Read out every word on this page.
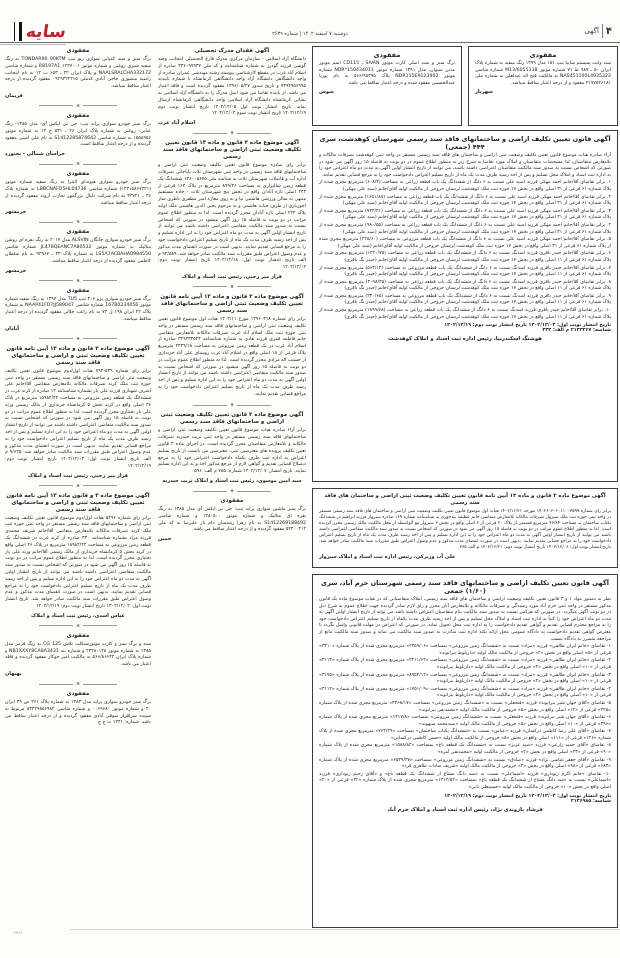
۴
آگهی
دوشنبه ۷ اسفند ۱۴۰۲ | شماره ۲۶۳۹
سایه
مفقودی
برگ سبز و سند کمپانی سواری رنو تیپ TONDAR90 90KTM به رنگ سفید شیری روغنی و شماره موتور ۱۲۴۷۰۰۱ R8197A1 و شماره شاسی NAALSRALCHA332172 و پلاک ایران ۴۲ ـ ۶۵۳ ب ۱۲ به نام اینجانب راضیه منصوری حاجی آبادی کدملی ۰۹۴۹۳۲۲۴۱۵ مفقود گردیده از درجه اعتبار ساقط میباشد.
فریمان
✽
مفقودی
برگ سبز خودرو سواری پراید تیپ: جی تی ایکس آی- مدل ۱۳۸۵- رنگ عنابی- روغنی به شماره پلاک ایران ۲۶ ـ ۵۳۱ ج ۱۴ به شماره موتور ۱۵۵۸۹۵۶ به شماره شاسی S1412285874642 به نام علی امینی مفقود گردیده و از درجه اعتبار ساقط است.
خراسان شمالی - بجنورد
✽
مفقودی
برگ سبز خودرو سواری هیوندای النترا به رنگ سفید شماره موتور (۱۴۴۱۵۸۶۷۲۲۱) شماره شاسی LBBCNAFD5HL04736 به شماره پلاک ۲۶ ـ ۳۳۷۲۱ به نام شرکت دلیال بزرگمهر تجارت آروند مفقود گردیده از درجه اعتبار ساقط میباشد.
خرمشهر
✽
مفقودی
برگ سبز خودرو سواری چانگان ALSVIN مدل ۲۰۱۷ به رنگ نقره ای روشن متالیک به شماره موتور JL478QEANC7A80532 شماره شاسی LS5A7ACBAHA0984550 به شماره پلاک ۳۳ ـ ۹۴۹۶۷ به نام سلطان کاظمی مفقود گردیده از درجه اعتبار ساقط میباشد.
خرمشهر
✽
مفقودی
برگ سبز خودرو سواری پژو ۲۰۶ تیپ TU5 مدل ۱۳۹۷ به رنگ سفید شماره موتور 167B0234056 شماره شاسی NAAP41FD7JJ589047 به شماره پلاک ۲۴ ایران ۱۹۸ ل ۷۴ به نام راغب جلالی مفقود گردیده از درجه اعتبار ساقط میباشد.
آبادان
✽
آگهی موضوع ماده ۳ قانون و ماده ۱۳ آیین نامه قانون تعیین تکلیف وضعیت ثبتی و اراضی و ساختمانهای فاقد سند رسمی
برابر رای شماره ۵۳۹-۷۹۴ هیات اول/دوم موضوع قانون تعیین تکلیف وضعیت ثبتی اراضی و ساختمانهای فاقد سند رسمی مستقر در واحد ثبتی حوزه ثبت ملک کرند تصرفات مالکانه بلامعارض متقاضی آقا/خانم علی اشرف شهبازی فرزند علی یار بشماره شناسنامه ۱۴ صادره از کرند غرب در ششدانگ یک قطعه زمین مزروعی به مساحت ۱۵۹۸۲/۴۴ مترمربع در پلاک ۴۶ اصلی واقع در کرند بخش ۵ کرمانشاه خریداری از مالک رسمی ورثه علی یار بختیاری محرز گردیده است. لذا به منظور اطلاع عموم مراتب در دو نوبت به فاصله ۱۵ روز آگهی می شود در صورتی که اشخاص نسبت به صدور سند مالکیت متقاضی اعتراضی داشته باشند می توانند از تاریخ انتشار اولین آگهی به مدت دو ماه اعتراض خود را به این اداره تسلیم و پس از اخذ رسید ظرف مدت یک ماه از تاریخ تسلیم اعتراض دادخواست خود را به مراجع قضایی تقدیم نمایند. بدیهی است در صورت انقضای مدت مذکور و عدم وصول اعتراض طبق مقررات سند مالکیت صادر خواهد شد. ۹/۶۴۵ م الف تاریخ انتشار نوبت اول: ۱۴۰۲/۱۲/۰۴ تاریخ انتشار نوبت دوم: ۱۴۰۲/۱۲/۱۹
فراز میر رجبی، رئیس ثبت اسناد و املاک
✽
آگهی موضوع ماده ۳ و قانون ماده ۱۳ آیین نامه قانون تعیین تکلیف وضعیت ثبتی و اراضی و ساختمانهای فاقد سند رسمی
برابر رای شماره ۵۴۹۶ هیات اول/دوم موضوع قانون تعیین تکلیف وضعیت ثبتی اراضی و ساختمانهای فاقد سند رسمی مستقر در واحد ثبتی حوزه ثبت ملک کرند تصرفات مالکانه بلامعارض متقاضی آقا/خانم شریف محمدی فرزند مراد بشماره شناسنامه ۳۳۰ صادره از کرند غرب در ششدانگ یک قطعه زمین مزروعی به مساحت ۱۸۹۸۲/۴۴ مترمربع در پلاک ۴۶ اصلی واقع در کرند بخش ۵ کرمانشاه خریداری از مالک رسمی آقا/خانم ورثه علی یار بختیاری محرز گردیده است. لذا به منظور اطلاع عموم مراتب در دو نوبت به فاصله ۱۵ روز آگهی می شود در صورتی که اشخاص نسبت به صدور سند مالکیت متقاضی اعتراضی داشته باشند می توانند از تاریخ انتشار اولین آگهی به مدت دو ماه اعتراض خود را به این اداره تسلیم و پس از اخذ رسید ظرف مدت یک ماه از تاریخ تسلیم اعتراض دادخواست خود را به مراجع قضایی تقدیم نمایند. بدیهی است در صورت انقضای مدت مذکور و عدم وصول اعتراض طبق مقررات سند مالکیت صادر خواهد شد. تاریخ انتشار نوبت اول: ۱۴۰۲/۱۲/۰۴ تاریخ انتشار نوبت دوم: ۱۴۰۲/۱۲/۱۹
عباس اسدی، رئیس ثبت اسناد و املاک
✽
مفقودی
سند و برگ سبز و کارت موتورسیکلت تلاش CG 125 به رنگ قرمز مدل ۱۳۸۵ به شماره موتور ۲۳۴۸۰۱۴۸ و شماره تنه NB1XXXY8CA8A3431 و شماره پلاک ایران ۵۶۶/۸۶۶۴۴ به مالکیت امیر جوکار مفقود گردیده و فاقد اعتبار می باشد.
بهبهان
✽
مفقودی
برگ سبز خودرو سواری پراید مدل ۱۳۸۳ به شماره پلاک ۲۶۱ ص ۴۹ ایران ۴۰ و شماره موتور ۰۰۶۹۶۸۰ و شماره شاسی ۸۳۴۲۹۸۵۶۹۸۲ مربوط به سپیده سرافراز صوفی آبادی مفقود گردیده و از درجه اعتبار ساقط می باشد. شماره: ۱۴۴۱ ت ج ج
آگهی فقدان مدرک تحصیلی
دانشگاه آزاد اسلامی - سازمان مرکزی مدرک فارغ التحصیلی اینجانب وحید گوسی فرزند گودرز به شماره شناسنامه و کد ملی ۳۳۶۰۹۷۹۳۷ صادره از اسلام آباد غرب در مقطع کارشناسی پیوسته رشته مهندسی عمران صادره از واحد دانشگاهی دانشگاه آزاد واحد دانشگاهی کرمانشاه با شماره تاییدیه ۷۳۹۲۹۵۶۹۹۵ و تاریخ صدور ۱۳۹۶/۰۵/۲۷ مفقود گردیده است و فاقد اعتبار می باشد. از یابنده تقاضا می شود اصل مدرک را به دانشگاه آزاد اسلامی به نشانی کرمانشاه دانشگاه آزاد اسلامی واحد دانشگاهی کرمانشاه ارسال نماید. تاریخ انتشار نوبت اول ۱۴۰۲/۱۲/۰۵ تاریخ انتشار نوبت دوم ۱۴۰۲/۱۲/۱۹ تاریخ انتشار نوبت سوم ۱۴۰۲/۱۲/۰۴
اسلام آباد غرب
✽
آگهی موضوع ماده ۳ قانون و ماده ۱۳ قانون تعیین تکلیف وضعیت ثبتی اراضی و ساختمانهای فاقد سند رسمی
برابر رای صادره موضوع قانون تعیین تکلیف وضعیت ثبتی اراضی و ساختمانهای فاقد سند رسمی در واحد ثبتی شهرستان ثلاث باباجانی تصرفات اداره آب و فاضلاب شهرستان ثلاث به شناسه ملی ۱۴۶۰۰۵۶۷۵ ششدانگ یک قطعه زمین شالیزاری به مساحت ۸۹۹/۲۶ مترمربع در پلاک ۱۶۴ فرعی از ۲۴۲ اصلی تازه آبادان واقع در بخش پنج شهرستان ثلاث - جاده مستقیم منتهی به سالن ورزشی هاشمی نیا و به روی مغازه امیر مظفری باطری ساز اجورباری از طرف حیات هاشمی و به مرحوم یحیی الدین هاشمی ملک اولیه پلاک ۲۴۲ اصلی تازه آبادان محرز گردیده است. لذا به منظور اطلاع عموم مراتب در دو نوبت به فاصله ۱۵ روز آگهی میشود در صورتی که اشخاص نسبت به صدور سند مالکیت متقاضی اعتراضی داشته باشند می توانند از تاریخ انتشار اولین آگهی به مدت دو ماه اعتراض خود را به این اداره تسلیم و پس از اخذ رسید ظرف مدت یک ماه از تاریخ تسلیم اعتراض دادخواست خود را به مرجع قضایی تقدیم نمایند. بدیهی است در صورت انقضای مدت مذکور و عدم وصول اعتراض طبق مقررات سند مالکیت صادر خواهد شد. ۹۲/۵۸۹ م الف تاریخ انتشار نوبت اول: ۱۴۰۲/۱۲/۱۸ تاریخ انتشار نوبت دوم: ۱۴۰۲/۱۲/۰۴
فراز میر رجبی، رئیس ثبت اسناد و املاک
✽
آگهی موضوع ماده ۳ قانون و ماده ۱۳ آیین نامه قانون تعیین تکلیف وضعیت ثبتی اراضی و ساختمانهای فاقد سند رسمی
برابر رای شماره ۱۳۹۶۰۳۱۸ مورخ ۱۴۰۲/۱۱ هیات اول موضوع قانون تعیین تکلیف وضعیت ثبتی اراضی و ساختمانهای فاقد سند رسمی مستقر در واحد ثبتی حوزه ثبت ملک اسلام آباد غرب تصرفات مالکانه بلامعارض متقاضی خانم فاطمه قمری فرزند هادی به شماره شناسنامه ۳۲۹۴۳۳۵۲۳ صادره از اسلام آباد غرب در یک قطعه زمین مزروعی به مساحت ۲۲۳۹/۱۸ مترمربع پلاک فرعی از ۱۸ اصلی واقع در اسلام آباد غرب روستای علی آباد خریداری از حسیب اله مرادی محرز گردیده است. لذا به منظور اطلاع عموم مراتب در دو نوبت به فاصله ۱۵ روز آگهی میشود در صورتی که اشخاص نسبت به صدور سند مالکیت متقاضی اعتراضی داشته باشند می توانند از تاریخ انتشار اولین آگهی به مدت دو ماه اعتراض خود را به این اداره تسلیم و پس از اخذ رسید ظرف مدت یک ماه از تاریخ تسلیم اعتراض دادخواست خود را به مراجع قضایی تقدیم نمایند.
✽
آگهی موضوع ماده ۳ قانون تعیین تکلیف وضعیت ثبتی اراضی و ساختمانهای فاقد سند رسمی
برابر آراء صادره هیات موضوع قانون تعیین تکلیف وضعیت ثبتی اراضی و ساختمانهای فاقد سند رسمی مستقر در واحد ثبتی تربت حیدریه تصرفات مالکانه و بلامعارض متقاضیان محرز گردیده است. در اجرای ماده ۳ قانون تعیین تکلیف پرونده های معترضین ثبتی، معترضین می بایست از تاریخ تسلیم اعتراض به اداره ثبت ظرف یکماه دادخواست اعتراض خود را به مرجع ذیصلاح قضایی تقدیم و گواهی لازم از مرجع مذکور اخذ و به این اداره تسلیم نمایند. تاریخ انتشار: ۱۴۰۲/۱۲/۰۷ شماره: ۷۸۵ م الف: ۵۹۶
سید امین موسوی، رئیس ثبت اسناد و املاک تربت حیدریه
✽
مفقودی
برگ سبز ماشین سواری پراید تیپ: جی تی ایکس آی مدل ۱۳۸۵ به رنگ نقره ای متالیک و شماره موتور ۱۴۸۰۵۰۰ و شماره شاسی S1412269188492 به نام زهرا رستمیان دام یار علیرضا به کد ملی ۵۲۲۰۰۴۱۴ مفقود گردیده و از درجه اعتبار ساقط می باشد.
خمین
مفقودی
سند وانت سیستم سایپا تیپ ۱۵۱ مدل ۱۳۹۹ رنگ سفید به شماره پلاک ایران ۵۰ ـ ۹۸۷ ط ۷۱ شماره موتور M13/6055118 شماره شاسی NAS451100L4935322 به مالکیت فتح اله عبدلعلی به شماره ملی ۴۱۷۷۵۴۶۱۸۱ مفقود و از درجه اعتبار ساقط میباشد.
شهریار
مفقودی
برگ سبز و سند اصلی کارت موتور SIVAN ـ CD115 اسم موتور مدین سیوان، مدل ۱۳۹۱ شماره موتور NDR*150434011 شماره موتور NDR115E9123902 پلاک ۵۶۶/۹۸۳۹۵ به نام پوریا عبدالحسینی مفقود شده و درجه اعتبار ساقط می باشد.
شوش
آگهی قانون تعیین تکلیف اراضی و ساختمانهای فاقد سند رسمی شهرستان کوهدشت، سری ۴۴۴ (جمعی)
آراء صادره هیات موضوع قانون تعیین تکلیف وضعیت ثبتی اراضی و ساختمان های فاقد سند رسمی مستقر در واحد ثبتی کوهدشت تصرفات مالکانه و بلامعارض متقاضیان، لذا مشخصات متقاضیان و املاک مورد تقاضا به شرح زیر به منظور اطلاع عموم در دو نوبت به فاصله ۱۵ روز آگهی می شود در صورتی که اشخاص نسبت به صدور سند مالکیت متقاضیان اعتراضی داشته باشند، می توانند از تاریخ انتشار اولین آگهی به مدت دو ماه اعتراض خود را به اداره ثبت اسناد و املاک محل تسلیم و پس از اخذ رسید ظرف مدت یک ماه از تاریخ تسلیم اعتراض دادخواست خود را به مرجع قضایی تقدیم نمایند.
۱. برابر تقاضای آقا/خانم احمد مهکی فرزند اصید علی نسبت به ۶ دانگ از ششدانگ یک باب قطعه زراعی به مساحت (۶۰۸/۴) مترمربع مجزی شده از پلاک شماره ۶۱ فرعی از ۳۱ اصلی واقع در بخش ۱۷ حوزه ثبت ملک کوهدشت لرستان خروجی از مالکیت اولیه آقای/خانم (صید علی مهکی)
۲. برابر تقاضای آقا/خانم احمد مهکی فرزند اصید علی نسبت به ۶ دانگ از ششدانگ یک باب قطعه زراعی به مساحت (۱۶۵۱/۸۸) مترمربع مجزی شده از پلاک شماره ۶۱ فرعی از ۳۱ اصلی واقع در بخش ۱۷ حوزه ثبت ملک کوهدشت لرستان خروجی از مالکیت اولیه آقای/خانم (صید علی مهکی)
۳. برابر تقاضای آقا/خانم احمد مهکی فرزند اصید علی نسبت به ۶ دانگ از ششدانگ یک باب قطعه زراعی به مساحت (۷۴۳/۲۱) مترمربع مجزی شده از پلاک شماره ۶۱ فرعی از ۳۱ اصلی واقع در بخش ۱۷ حوزه ثبت ملک کوهدشت لرستان خروجی از مالکیت اولیه آقای/خانم (صید علی مهکی)
۴. برابر تقاضای آقا/خانم احمد مهکی فرزند اصید علی نسبت به ۶ دانگ از ششدانگ یک باب قطعه زراعی به مساحت (۹۸۰/۵۵) مترمربع مجزی شده از پلاک شماره ۶۱ فرعی از ۳۱ اصلی واقع در بخش ۱۷ حوزه ثبت ملک کوهدشت لرستان خروجی از مالکیت اولیه آقای/خانم (صید علی مهکی)
۵. برابر تقاضای آقا/خانم احمد مهکی فرزند اصید علی نسبت به ۶ دانگ از ششدانگ یک باب قطعه مزروعی به مساحت (۲۲۵/۶۰) مترمربع مجزی شده از پلاک شماره ۶۱ فرعی از ۳۱ اصلی واقع در بخش ۱۷ حوزه ثبت ملک کوهدشت لرستان خروجی از مالکیت اولیه آقای/خانم (صید علی مهکی)
۶. برابر تقاضای آقا/خانم حیدر باقری فرزند اسدبگ نسبت به ۶ دانگ از ششدانگ یک باب قطعه زراعی به مساحت (۱۲۴۰/۷۵) مترمربع مجزی شده از پلاک شماره ۶۱ فرعی از ۱۱ اصلی واقع در بخش ۱۷ حوزه ثبت ملک کوهدشت لرستان خروجی از مالکیت اولیه آقای/خانم (حیدر بگ باقری)
۷. برابر تقاضای آقا/خانم حیدر باقری فرزند اسدبگ نسبت به ۶ دانگ از ششدانگ یک باب قطعه مزروعی به مساحت (۵۶۳/۱۲) مترمربع مجزی شده از پلاک شماره ۶۱ فرعی از ۱۱ اصلی واقع در بخش ۱۷ حوزه ثبت ملک کوهدشت لرستان خروجی از مالکیت اولیه آقای/خانم (حیدر بگ باقری)
۸. برابر تقاضای آقا/خانم حیدر باقری فرزند اسدبگ نسبت به ۶ دانگ از ششدانگ یک باب قطعه زراعی به مساحت (۳۰۹۸/۴۵) مترمربع مجزی شده از پلاک شماره ۶۱ فرعی از ۱۱ اصلی واقع در بخش ۱۷ حوزه ثبت ملک کوهدشت لرستان خروجی از مالکیت اولیه آقای/خانم (حیدر بگ باقری)
۹. برابر تقاضای آقا/خانم حیدر باقری فرزند اسدبگ نسبت به ۶ دانگ از ششدانگ یک باب قطعه مزروعی به مساحت (۳۳۰/۶۵) مترمربع مجزی شده از پلاک شماره ۶۱ فرعی از ۱۱ اصلی واقع در بخش ۱۷ حوزه ثبت ملک کوهدشت لرستان خروجی از مالکیت اولیه آقای/خانم (حیدر بگ باقری)
۱۰. برابر تقاضای آقا/خانم حیدر باقری فرزند اسدبگ نسبت به ۶ دانگ از ششدانگ یک باب قطعه زراعی به مساحت (۱۸۹۹/۶۸) مترمربع مجزی شده از پلاک شماره ۶۱ فرعی از ۱۱ اصلی واقع در بخش ۱۷ حوزه ثبت ملک کوهدشت لرستان خروجی از مالکیت اولیه آقای/خانم (حیدر بگ باقری)
تاریخ انتشار نوبت اول: ۱۴۰۲/۱۲/۰۴ تاریخ انتشار نوبت دوم: ۱۴۰۲/۱۲/۱۹
شناسه: ۲۱۴۳۳۶۷ م الف: ۴۴۴
هوشنگ اسکندرنیا، رئیس اداره ثبت اسناد و املاک کوهدشت
آگهی موضوع ماده ۳ قانون و ماده ۱۳ آیین نامه قانون تعیین تکلیف وضعیت ثبتی اراضی و ساختمان های فاقد سند رسمی
برابر رای شماره ۱۴۰۲۶۰۳۰۶۰۱۱۰۰۳۵۹۹ مورخه ۱۴۰۲/۱۱/۲۱ هیات اول موضوع قانون تعیین تکلیف وضعیت ثبتی اراضی و ساختمان های فاقد سند رسمی مستقر در واحد ثبتی حوزه ثبت ملک سبزوار تصرفات مالکانه بلامعارض متقاضی خانم عظیمه بیدخوری به شناسنامه شماره ۱۶۹ صادره سبزوار فرزند ابراهیم در ششدانگ یکباب ساختمان به مساحت ۴۶/۸۴ مترمربع قسمتی از پلاک ۲۰ فرعی از ۲ اصلی واقع در بخش ۳ سبزوار مع الواسطه از محل مالکیت مالک رسمی محرز گردیده است. لذا به منظور اطلاع عموم مراتب در دو نوبت به فاصله ۱۵ روز آگهی می شود در صورتی که اشخاص نسبت به صدور سند مالکیت متقاضی اعتراضی داشته باشند می توانند از تاریخ انتشار اولین آگهی به مدت دو ماه اعتراض خود را به این اداره تسلیم و پس از اخذ رسید ظرف مدت یک ماه از تاریخ تسلیم اعتراض دادخواست خود را به مراجع قضایی تقدیم نمایند. بدیهی است در صورت انقضای مدت مذکور و عدم وصول اعتراض طبق مقررات سند مالکیت صادر خواهد شد. تاریخ انتشار نوبت اول: ۱۴۰۲/۱۲/۰۶ تاریخ انتشار نوبت دوم: ۱۴۰۲/۱۲/۲۱ م الف ۷۶۵
علی آب وزیرکی، رئیس اداره ثبت اسناد و املاک سبزوار
آگهی قانون تعیین تکلیف اراضی و ساختمانهای فاقد سند رسمی شهرستان خرم آباد، سری (۱/۶۰) جمعی
نظر به دستور مواد ۱ و ۳ قانون تعیین تکلیف وضعیت اراضی و ساختمان های فاقد سند رسمی، املاک متقاضیانی که در هیات موضوع ماده یک قانون مذکور مستقر در واحد ثبتی خرم آباد مورد رسیدگی و تصرفات مالکانه و بلامعارض آنان محرز و رای لازم صادر گردیده جهت اطلاع عموم به شرح ذیل در دو نوبت آگهی میگردد. در صورتی که هرکس نسبت به صدور سند مالکیت بنام متقاضیان اعتراض داشته باشد می تواند از تاریخ انتشار اولین آگهی به مدت دو ماه اعتراض خود را کتباً به اداره ثبت اسناد و املاک محل تسلیم و پس از اخذ رسید ظرف مدت یکماه از تاریخ تسلیم اعتراض دادخواست خود را به مراجع محترم قضایی تقدیم و گواهی تقدیم دادخواست را به اداره ثبت محل تحویل نماید. در صورتی که اعتراض در مهلت قانونی واصل نگردد یا معترض گواهی تقدیم دادخواست به دادگاه عمومی محل ارائه نکند اداره ثبت مبادرت به صدور سند مالکیت می نماید و صدور سند مالکیت مانع از مراجعه متضرر به دادگاه نیست.
۱- تقاضای «خانم ایران طالقی» فرزند «مراد» نسبت به «ششدانگ زمین مزروعی» بمساحت «۲۳۵۹/۰۶» مترمربع مجزی شده از پلاک شماره «۳۲۱۰» فرعی از «۵» اصلی واقع در بخش «۲» خروجی از مالکیت مالک اولیه «داریلوط بیرانوند»
۲- تقاضای «خانم ایران طالقی» فرزند «مراد» نسبت به «ششدانگ زمین مزروعی» بمساحت «۲۲۱۱/۶۴» مترمربع مجزی شده از پلاک شماره «۳۱۱۳» فرعی از «۱۰» اصلی واقع در بخش «۲» خروجی از مالکیت مالک اولیه «داریلوط بیرانوند»
۳- تقاضای «خانم ایران طالقی» فرزند «مراد» نسبت به «ششدانگ زمین مزروعی» بمساحت «۸۹۵۲/۱۴» مترمربع مجزی شده از پلاک شماره «۳۱۷۵» فرعی از «۱۰» اصلی واقع در بخش «۲» خروجی از مالکیت مالک اولیه «داریلوط بیرانوند»
۴- تقاضای «خانم ایران طالقی» فرزند «مراد» نسبت به «ششدانگ زمین مزروعی» بمساحت «۱۷۵۱/۰۹» مترمربع مجزی شده از پلاک شماره «۳۱۱۲» فرعی از «۱۰» اصلی واقع در بخش «۲» خروجی از مالکیت مالک اولیه «داریلوط بیرانوند»
۵- تقاضای «آقای جهان شیر بیرانوند» فرزند «فتحعلی» نسبت به «ششدانگ زمین مزروعی» بمساحت «۲۳۶۸/۱۷» مترمربع مجزی شده از پلاک شماره «۳۲۵» فرعی از «۱۲» اصلی واقع در بخش «۵» خروجی از مالکیت مالک اولیه «محمدنقی بیرانوند»
۶- تقاضای «آقای جهان شیر بیرانوند» فرزند «فتحعلی» نسبت به «ششدانگ زمین مزروعی» بمساحت «۱۴۱۷/۸» مترمربع مجزی شده از پلاک شماره «۴۹۶» فرعی از «۱۰» اصلی واقع در بخش «۵» خروجی از مالکیت مالک اولیه «صیدمحمد سبهوند»
۷- تقاضای «آقای علی رضا کاظمی درکسان» فرزند «عباس» نسبت به «ششدانگ یکباب ساختمان» بمساحت «۷۶۲/۲۹» مترمربع مجزی شده از پلاک شماره «۱۲۶» فرعی از «۱۱۱» اصلی واقع در بخش «۵» خروجی از مالکیت مالک اولیه «حسن کاظمی درکسانی»
۸- تقاضای «آقای حمید زارعی» فرزند «صید عزیز» نسبت به «ششدانگ یک قطعه باغ» بمساحت «۱۵۸۸/۸۲» مترمربع مجزی شده از پلاک شماره «۹۰» فرعی از «۴۳» اصلی واقع در بخش «۴» خروجی از مالکیت اولیه «محمدتقی آمره»
۹- تقاضای «آقای جعفر عباسی نژاد» فرزند «صادق» نسبت به «ششدانگ زمین مزروعی» بمساحت «۶۵۳۹/۳۷» مترمربع مجزی شده از پلاک شماره «۶۸۳» فرعی از «۹۸» اصلی واقع در بخش «۴» خروجی از مالکیت مالک اولیه «شریف سادات طاهری فرد»
۱۰- تقاضای «خانم اکرم زیوداری» فرزند «اسماعلی» نسبت به «سه دانگ مشاع از ششدانگ یک قطعه باغ» و «آقای رحیم زیوداری» فرزند «اسماعلی» نسبت به «سه دانگ مشاع از ششدانگ یک قطعه باغ» بمساحت «۱۴۱۴/۵۲» مترمربع مجزی شده از پلاک شماره «۳۲» فرعی از «۲۰» اصلی واقع در بخش «۱۰» خروجی از مالکیت مالک اولیه «حسینعلی بابی»
تاریخ انتشار نوبت اول: ۱۴۰۲/۱۲/۰۴ تاریخ انتشار نوبت دوم: ۱۴۰۲/۱۲/۱۹
شناسه: ۲۱۳۶۹۸۵
فرشاد بازوندی نژاد، رئیس اداره ثبت اسناد و املاک خرم آباد
۲۲۳۱
